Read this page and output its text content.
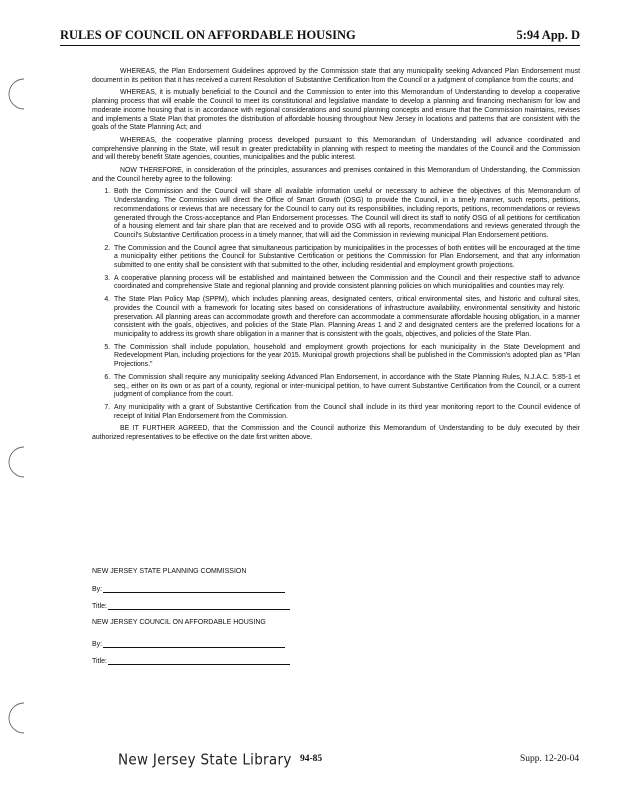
RULES OF COUNCIL ON AFFORDABLE HOUSING	5:94 App. D

WHEREAS, the Plan Endorsement Guidelines approved by the Commission state that any municipality seeking Advanced Plan Endorsement must document in its petition that it has received a current Resolution of Substantive Certification from the Council or a judgment of compliance from the courts; and

WHEREAS, it is mutually beneficial to the Council and the Commission to enter into this Memorandum of Understanding to develop a cooperative planning process that will enable the Council to meet its constitutional and legislative mandate to develop a planning and financing mechanism for low and moderate income housing that is in accordance with regional considerations and sound planning concepts and ensure that the Commission maintains, revises and implements a State Plan that promotes the distribution of affordable housing throughout New Jersey in locations and patterns that are consistent with the goals of the State Planning Act; and

WHEREAS, the cooperative planning process developed pursuant to this Memorandum of Understanding will advance coordinated and comprehensive planning in the State, will result in greater predictability in planning with respect to meeting the mandates of the Council and the Commission and will thereby benefit State agencies, counties, municipalities and the public interest.

NOW THEREFORE, in consideration of the principles, assurances and premises contained in this Memorandum of Understanding, the Commission and the Council hereby agree to the following:

1. Both the Commission and the Council will share all available information useful or necessary to achieve the objectives of this Memorandum of Understanding. The Commission will direct the Office of Smart Growth (OSG) to provide the Council, in a timely manner, such reports, petitions, recommendations or reviews that are necessary for the Council to carry out its responsibilities, including reports, petitions, recommendations or reviews generated through the Cross-acceptance and Plan Endorsement processes. The Council will direct its staff to notify OSG of all petitions for certification of a housing element and fair share plan that are received and to provide OSG with all reports, recommendations and reviews generated through the Council's Substantive Certification process in a timely manner, that will aid the Commission in reviewing municipal Plan Endorsement petitions.
2. The Commission and the Council agree that simultaneous participation by municipalities in the processes of both entities will be encouraged at the time a municipality either petitions the Council for Substantive Certification or petitions the Commission for Plan Endorsement, and that any information submitted to one entity shall be consistent with that submitted to the other, including residential and employment growth projections.
3. A cooperative planning process will be established and maintained between the Commission and the Council and their respective staff to advance coordinated and comprehensive State and regional planning and provide consistent planning policies on which municipalities and counties may rely.
4. The State Plan Policy Map (SPPM), which includes planning areas, designated centers, critical environmental sites, and historic and cultural sites, provides the Council with a framework for locating sites based on considerations of infrastructure availability, environmental sensitivity and historic preservation. All planning areas can accommodate growth and therefore can accommodate a commensurate affordable housing obligation, in a manner consistent with the goals, objectives, and policies of the State Plan. Planning Areas 1 and 2 and designated centers are the preferred locations for a municipality to address its growth share obligation in a manner that is consistent with the goals, objectives, and policies of the State Plan.
5. The Commission shall include population, household and employment growth projections for each municipality in the State Development and Redevelopment Plan, including projections for the year 2015. Municipal growth projections shall be published in the Commission's adopted plan as "Plan Projections."
6. The Commission shall require any municipality seeking Advanced Plan Endorsement, in accordance with the State Planning Rules, N.J.A.C. 5:85-1 et seq., either on its own or as part of a county, regional or inter-municipal petition, to have current Substantive Certification from the Council, or a current judgment of compliance from the court.
7. Any municipality with a grant of Substantive Certification from the Council shall include in its third year monitoring report to the Council evidence of receipt of Initial Plan Endorsement from the Commission.

BE IT FURTHER AGREED, that the Commission and the Council authorize this Memorandum of Understanding to be duly executed by their authorized representatives to be effective on the date first written above.

NEW JERSEY STATE PLANNING COMMISSION
By:
Title:
NEW JERSEY COUNCIL ON AFFORDABLE HOUSING
By:
Title:
New Jersey State Library 94-85	Supp. 12-20-04
